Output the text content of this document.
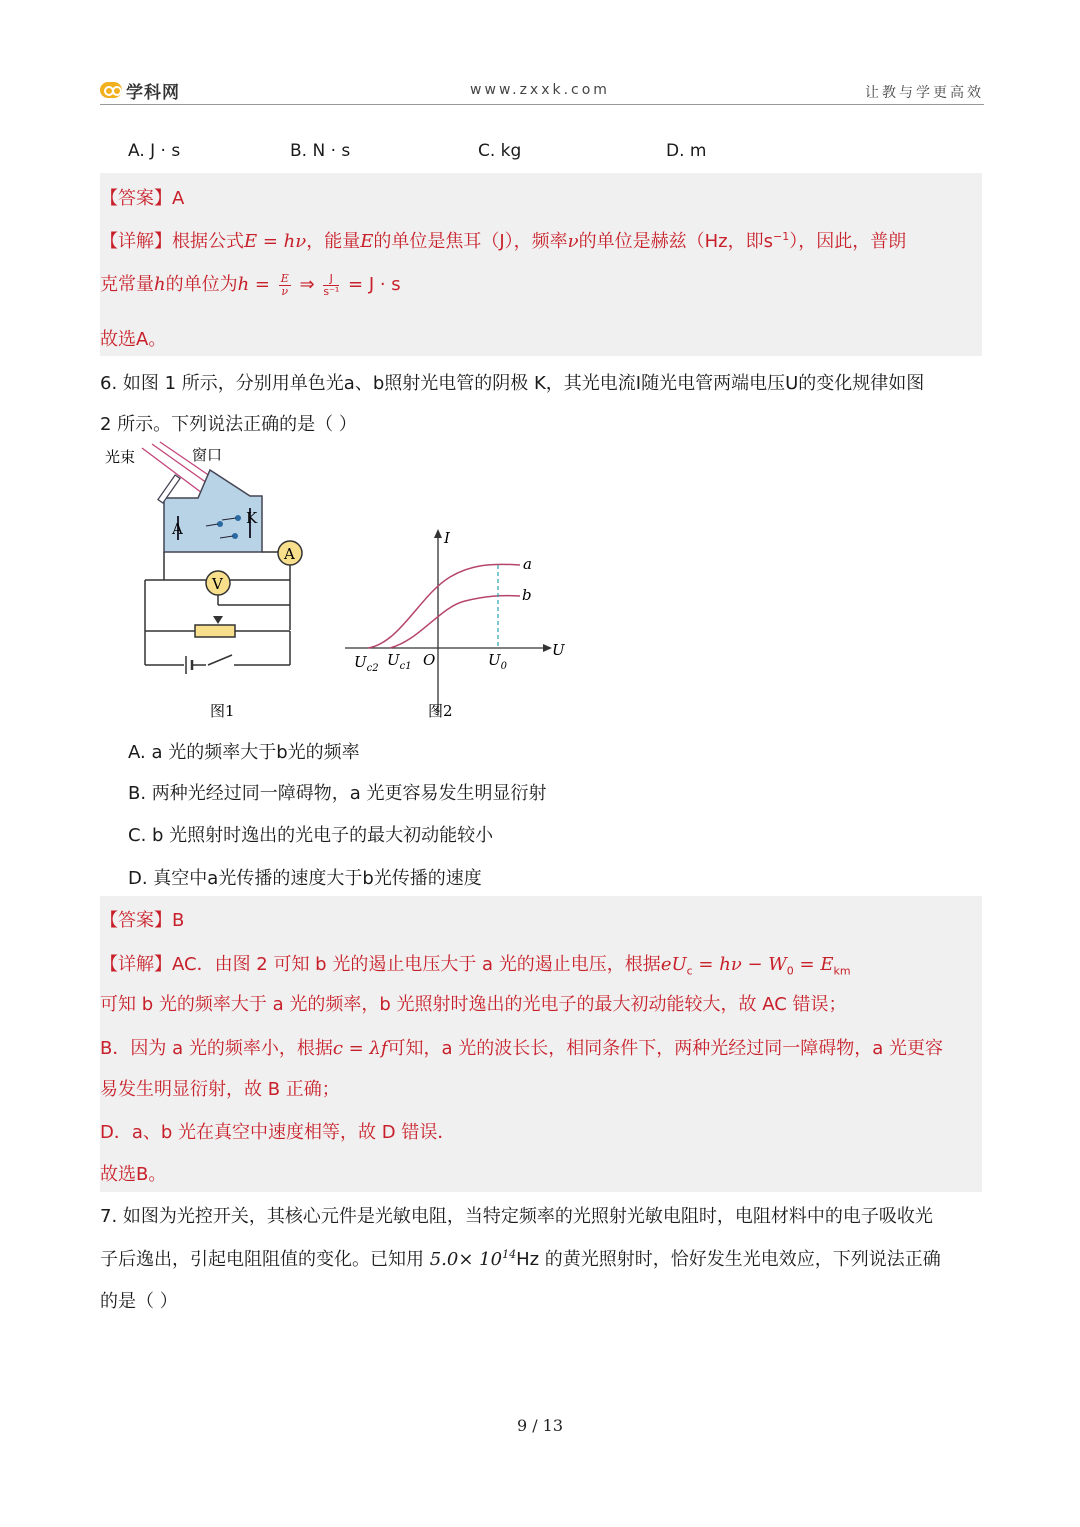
学科网	www.zxxk.com	让教与学更高效
A. J · s	B. N · s	C. kg	D. m
【答案】A
【详解】根据公式E = hν，能量E的单位是焦耳（J），频率ν的单位是赫兹（Hz，即$s^{-1}$），因此，普朗
克常量h的单位为$h = \frac{E}{\nu}$ ⇒ $\frac{J}{\text{s⁻¹}} = J \cdot s$
故选A。
6. 如图 1 所示，分别用单色光a、b照射光电管的阴极 K，其光电流I随光电管两端电压U的变化规律如图
2 所示。下列说法正确的是（ ）
光束	窗口
A
K
A
V
图1
I
U
a
b
$U_{c2}$ $U_{c1}$ O	$U_0$
图2
A. a 光的频率大于b光的频率
B. 两种光经过同一障碍物，a 光更容易发生明显衍射
C. b 光照射时逸出的光电子的最大初动能较小
D. 真空中a光传播的速度大于b光传播的速度
【答案】B
【详解】AC．由图 2 可知 b 光的遏止电压大于 a 光的遏止电压，根据$eU_c = h\nu - W_0 = E_{km}$
可知 b 光的频率大于 a 光的频率，b 光照射时逸出的光电子的最大初动能较大，故 AC 错误；
B．因为 a 光的频率小，根据c = λf可知，a 光的波长长，相同条件下，两种光经过同一障碍物，a 光更容
易发生明显衍射，故 B 正确；
D．a、b 光在真空中速度相等，故 D 错误．
故选B。
7. 如图为光控开关，其核心元件是光敏电阻，当特定频率的光照射光敏电阻时，电阻材料中的电子吸收光
子后逸出，引起电阻阻值的变化。已知用 $5.0\times 10^{14}Hz$ 的黄光照射时，恰好发生光电效应，下列说法正确
的是（ ）
9 / 13
